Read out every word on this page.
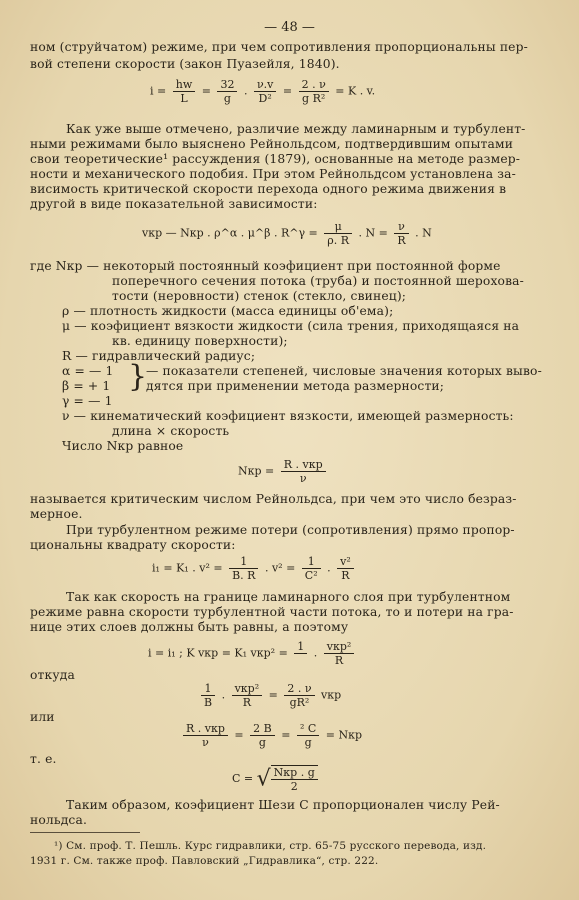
— 48 —
ном (струйчатом) режиме, при чем сопротивления пропорциональны пер-
вой степени скорости (закон Пуазейля, 1840).
$i = \frac{hw}{L} = \frac{32}{g}$ . $\frac{\nu.v}{\text{D²}} = \frac{2 . \nu}{\text{g R²}} = K$ . v.
Как уже выше отмечено, различие между ламинарным и турбулент-
ными режимами было выяснено Рейнольдсом, подтвердившим опытами
свои теоретические¹ рассуждения (1879), основанные на методе размер-
ности и механического подобия. При этом Рейнольдсом установлена за-
висимость критической скорости перехода одного режима движения в
другой в виде показательной зависимости:
vкр — Nкр . ρ^α . μ^β . R^γ = $\frac{\mu}{\rho. R}$ . $N = \frac{\nu}{R}$ . N
где Nкр — некоторый постоянный коэфициент при постоянной форме
поперечного сечения потока (труба) и постоянной шерохова-
тости (неровности) стенок (стекло, свинец);
ρ — плотность жидкости (масса единицы об'ема);
μ — коэфициент вязкости жидкости (сила трения, приходящаяся на
кв. единицу поверхности);
R — гидравлический радиус;
α = — 1
β = + 1
γ = — 1
}
— показатели степеней, числовые значения которых выво-
дятся при применении метода размерности;
ν — кинематический коэфициент вязкости, имеющей размерность:
длина × скорость
Число Nкр равное
Nкр = $\frac{\text{R . vкр}}{\nu}$
называется критическим числом Рейнольдса, при чем это число безраз-
мерное.
При турбулентном режиме потери (сопротивления) прямо пропор-
циональны квадрату скорости:
i₁ = K₁ . $v^2 = \frac{1}{B. R}$ . $v^2 = \frac{1}{\text{C²}}$ . $\frac{\text{v²}}{R}$
Так как скорость на границе ламинарного слоя при турбулентном
режиме равна скорости турбулентной части потока, то и потери на гра-
нице этих слоев должны быть равны, а поэтому
i = i₁ ; K vкр = K₁ vкр² = 1
. $\frac{\text{vкр²}}{R}$
откуда
$\frac{1}{B}$ . $\frac{\text{vкр²}}{R} = \frac{2 . \nu}{\text{gR²}}$ vкр
или
$\frac{\text{R . vкр}}{\nu} = \frac{2 B}{g} = \frac{\text{² C}}{g}$ = Nкр
т. е.
C = √ $\frac{\text{Nкр . g}}{2}$
Таким образом, коэфициент Шези C пропорционален числу Рей-
нольдса.
¹) См. проф. Т. Пешль. Курс гидравлики, стр. 65-75 русского перевода, изд.
1931 г. См. также проф. Павловский „Гидравлика“, стр. 222.
